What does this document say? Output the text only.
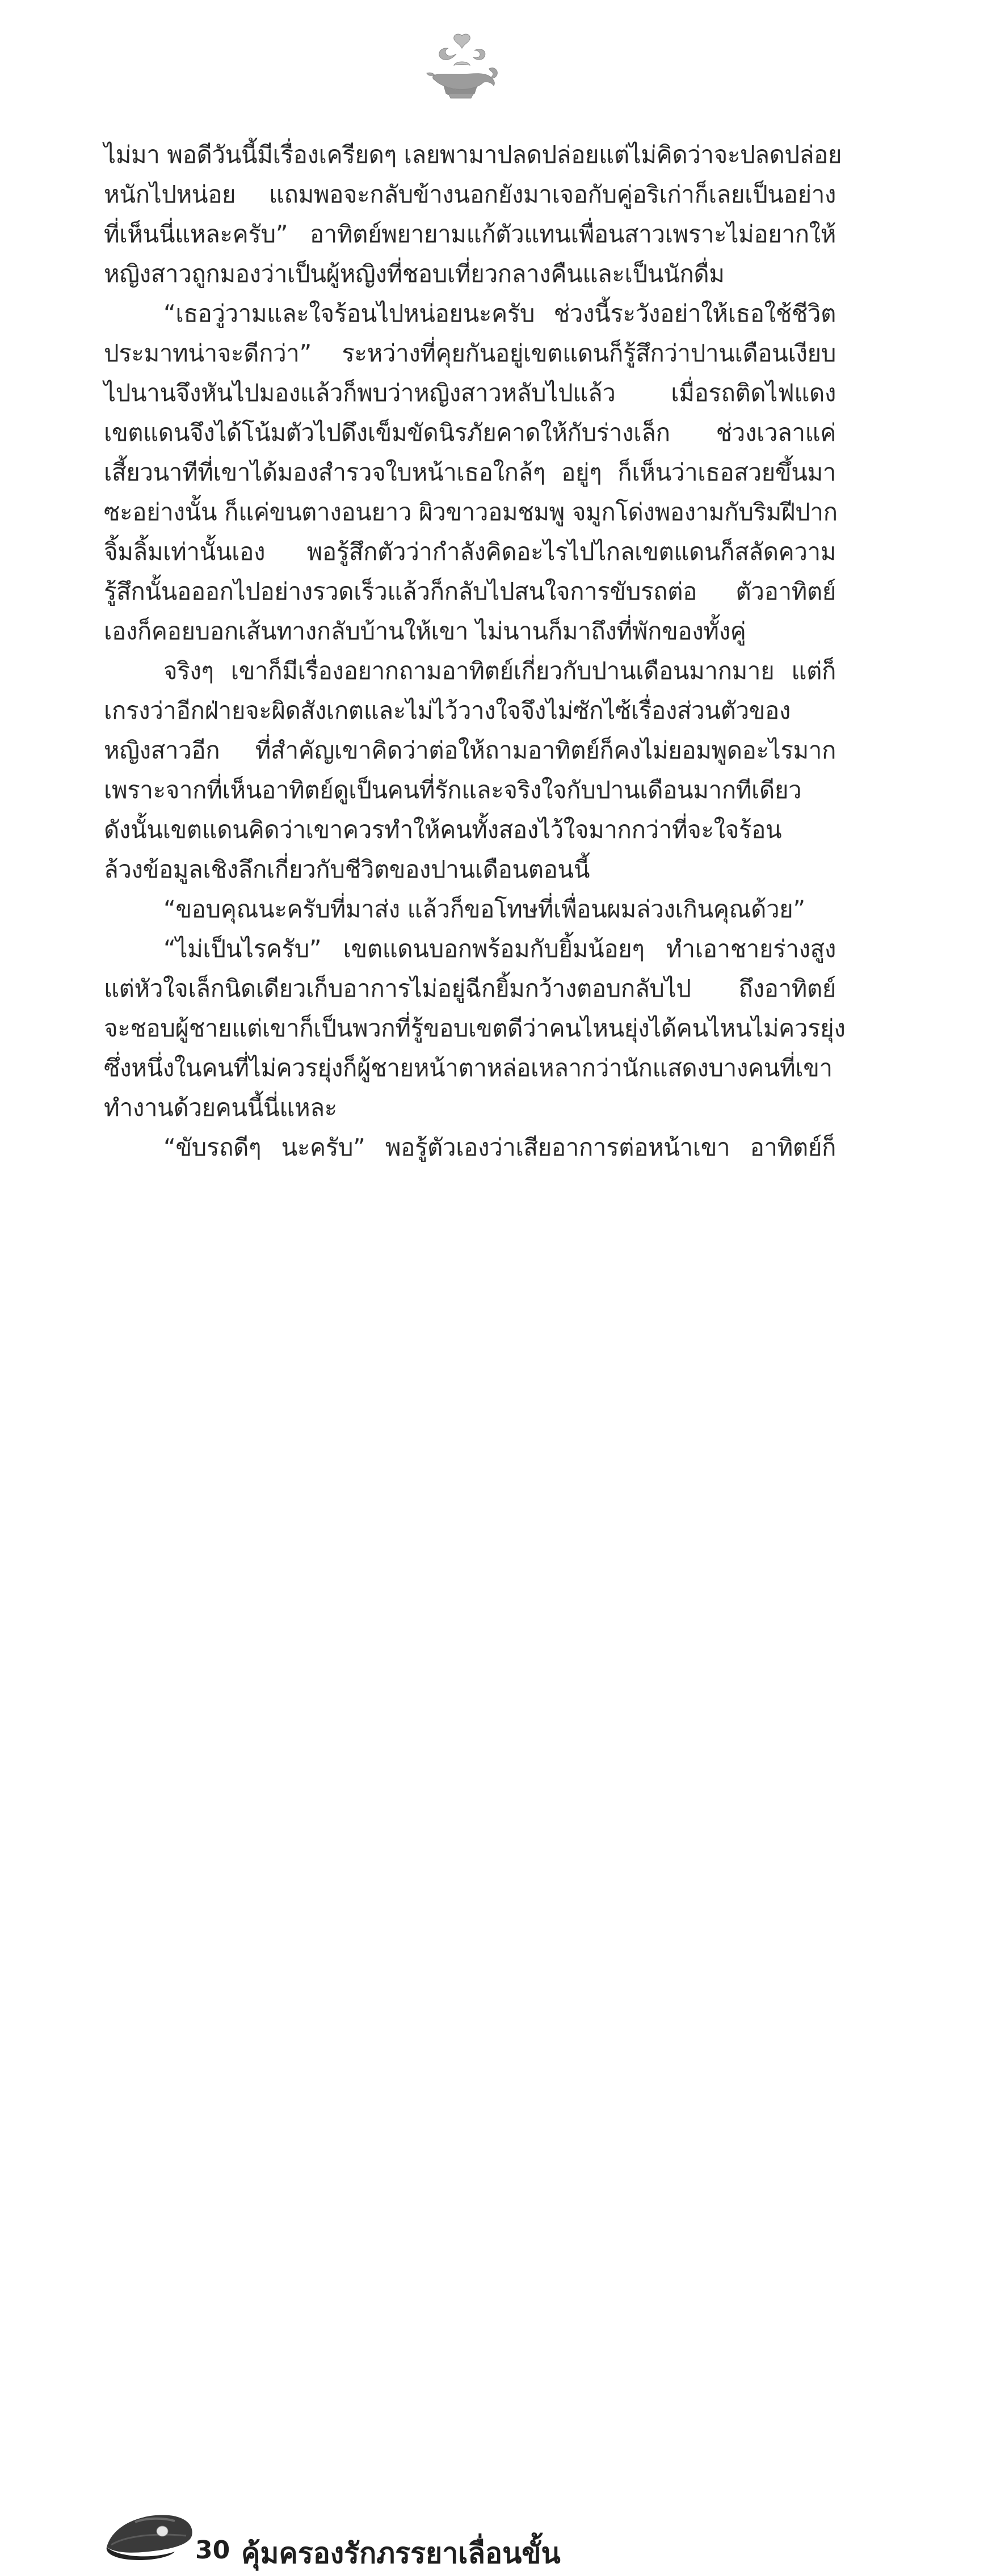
ไม่มา พอดีวันนี้มีเรื่องเครียดๆ เลยพามาปลดปล่อยแต่ไม่คิดว่าจะปลดปล่อย
หนักไปหน่อย แถมพอจะกลับข้างนอกยังมาเจอกับคู่อริเก่าก็เลยเป็นอย่าง
ที่เห็นนี่แหละครับ” อาทิตย์พยายามแก้ตัวแทนเพื่อนสาวเพราะไม่อยากให้
หญิงสาวถูกมองว่าเป็นผู้หญิงที่ชอบเที่ยวกลางคืนและเป็นนักดื่ม
“เธอวู่วามและใจร้อนไปหน่อยนะครับ ช่วงนี้ระวังอย่าให้เธอใช้ชีวิต
ประมาทน่าจะดีกว่า” ระหว่างที่คุยกันอยู่เขตแดนก็รู้สึกว่าปานเดือนเงียบ
ไปนานจึงหันไปมองแล้วก็พบว่าหญิงสาวหลับไปแล้ว เมื่อรถติดไฟแดง
เขตแดนจึงได้โน้มตัวไปดึงเข็มขัดนิรภัยคาดให้กับร่างเล็ก ช่วงเวลาแค่
เสี้ยวนาทีที่เขาได้มองสำรวจใบหน้าเธอใกล้ๆ อยู่ๆ ก็เห็นว่าเธอสวยขึ้นมา
ซะอย่างนั้น ก็แค่ขนตางอนยาว ผิวขาวอมชมพู จมูกโด่งพองามกับริมฝีปาก
จิ้มลิ้มเท่านั้นเอง พอรู้สึกตัวว่ากำลังคิดอะไรไปไกลเขตแดนก็สลัดความ
รู้สึกนั้นอออกไปอย่างรวดเร็วแล้วก็กลับไปสนใจการขับรถต่อ ตัวอาทิตย์
เองก็คอยบอกเส้นทางกลับบ้านให้เขา ไม่นานก็มาถึงที่พักของทั้งคู่
จริงๆ เขาก็มีเรื่องอยากถามอาทิตย์เกี่ยวกับปานเดือนมากมาย แต่ก็
เกรงว่าอีกฝ่ายจะผิดสังเกตและไม่ไว้วางใจจึงไม่ซักไซ้เรื่องส่วนตัวของ
หญิงสาวอีก ที่สำคัญเขาคิดว่าต่อให้ถามอาทิตย์ก็คงไม่ยอมพูดอะไรมาก
เพราะจากที่เห็นอาทิตย์ดูเป็นคนที่รักและจริงใจกับปานเดือนมากทีเดียว
ดังนั้นเขตแดนคิดว่าเขาควรทำให้คนทั้งสองไว้ใจมากกว่าที่จะใจร้อน
ล้วงข้อมูลเชิงลึกเกี่ยวกับชีวิตของปานเดือนตอนนี้
“ขอบคุณนะครับที่มาส่ง แล้วก็ขอโทษที่เพื่อนผมล่วงเกินคุณด้วย”
“ไม่เป็นไรครับ” เขตแดนบอกพร้อมกับยิ้มน้อยๆ ทำเอาชายร่างสูง
แต่หัวใจเล็กนิดเดียวเก็บอาการไม่อยู่ฉีกยิ้มกว้างตอบกลับไป ถึงอาทิตย์
จะชอบผู้ชายแต่เขาก็เป็นพวกที่รู้ขอบเขตดีว่าคนไหนยุ่งได้คนไหนไม่ควรยุ่ง
ซึ่งหนึ่งในคนที่ไม่ควรยุ่งก็ผู้ชายหน้าตาหล่อเหลากว่านักแสดงบางคนที่เขา
ทำงานด้วยคนนี้นี่แหละ
“ขับรถดีๆ นะครับ” พอรู้ตัวเองว่าเสียอาการต่อหน้าเขา อาทิตย์ก็
30 คุ้มครองรักภรรยาเลื่อนขั้น
